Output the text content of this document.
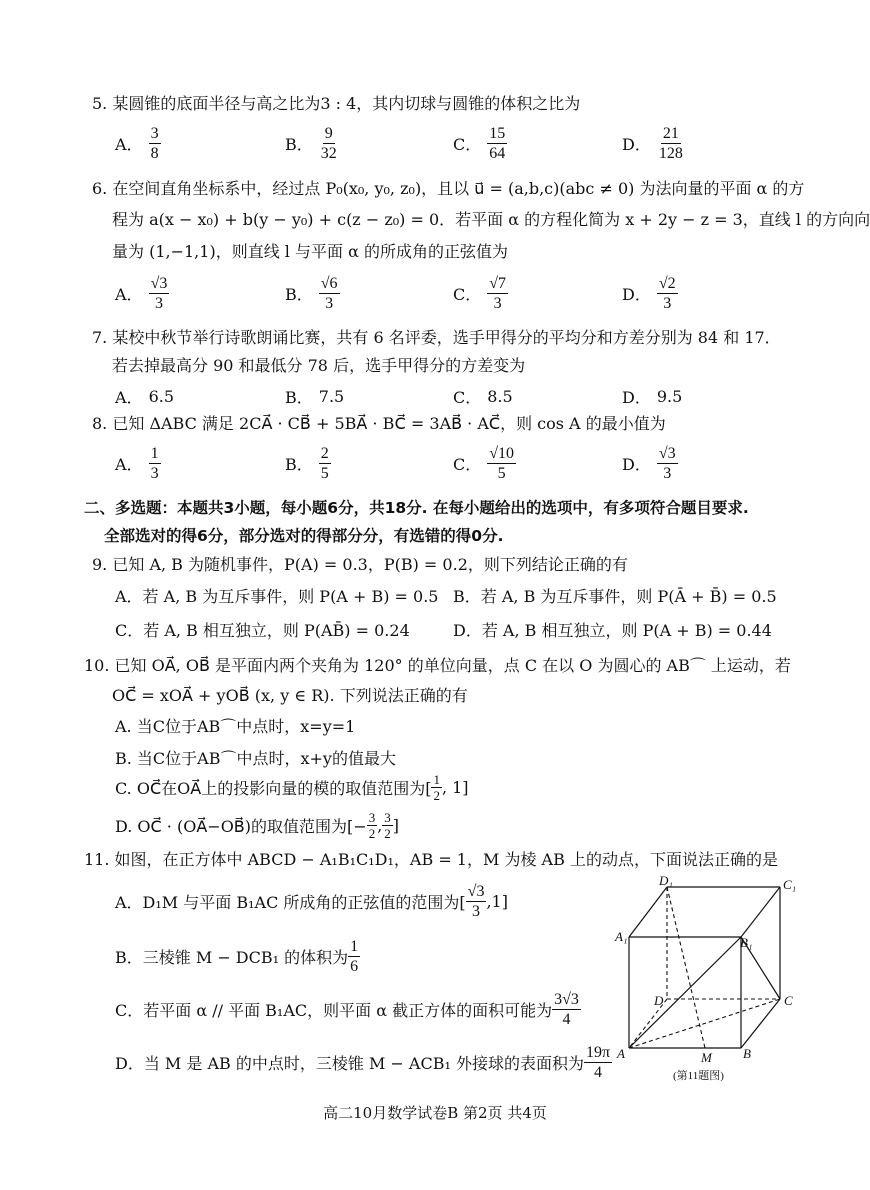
5. 某圆锥的底面半径与高之比为3 : 4，其内切球与圆锥的体积之比为
A． $\frac{3}{8}$	B． $\frac{9}{32}$	C． $\frac{15}{64}$	D． $\frac{21}{128}$
6. 在空间直角坐标系中，经过点 P₀(x₀, y₀, z₀)，且以 u⃗ = (a,b,c)(abc ≠ 0) 为法向量的平面 α 的方
程为 a(x − x₀) + b(y − y₀) + c(z − z₀) = 0．若平面 α 的方程化简为 x + 2y − z = 3，直线 l 的方向向
量为 (1,−1,1)，则直线 l 与平面 α 的所成角的正弦值为
A． $\frac{√3}{3}$	B． $\frac{√6}{3}$	C． $\frac{√7}{3}$	D． $\frac{√2}{3}$
7. 某校中秋节举行诗歌朗诵比赛，共有 6 名评委，选手甲得分的平均分和方差分别为 84 和 17．
若去掉最高分 90 和最低分 78 后，选手甲得分的方差变为
A． 6.5	B． 7.5	C． 8.5	D． 9.5
8. 已知 ΔABC 满足 2CA⃗ · CB⃗ + 5BA⃗ · BC⃗ = 3AB⃗ · AC⃗，则 cos A 的最小值为
A． $\frac{1}{3}$	B． $\frac{2}{5}$	C． $\frac{√10}{5}$	D． $\frac{√3}{3}$
二、多选题：本题共3小题，每小题6分，共18分. 在每小题给出的选项中，有多项符合题目要求.
全部选对的得6分，部分选对的得部分分，有选错的得0分.
9. 已知 A, B 为随机事件，P(A) = 0.3，P(B) = 0.2，则下列结论正确的有
A．若 A, B 为互斥事件，则 P(A + B) = 0.5 B．若 A, B 为互斥事件，则 P(Ā + B̄) = 0.5
C．若 A, B 相互独立，则 P(AB̄) = 0.24	D．若 A, B 相互独立，则 P(A + B) = 0.44
10. 已知 OA⃗, OB⃗ 是平面内两个夹角为 120° 的单位向量，点 C 在以 O 为圆心的 AB⌒ 上运动，若
OC⃗ = xOA⃗ + yOB⃗ (x, y ∈ R). 下列说法正确的有
A. 当C位于AB⌒中点时，x=y=1
B. 当C位于AB⌒中点时，x+y的值最大
C. OC⃗在OA⃗上的投影向量的模的取值范围为[ $\frac{1}{2}$ , 1]
D. OC⃗ · (OA⃗−OB⃗)的取值范围为[− $\frac{3}{2}$ , $\frac{3}{2}$ ]
11. 如图，在正方体中 ABCD − A₁B₁C₁D₁，AB = 1，M 为棱 AB 上的动点，下面说法正确的是
A．D₁M 与平面 B₁AC 所成角的正弦值的范围为[ $\frac{√3}{3} ,1$]
B．三棱锥 M − DCB₁ 的体积为 $\frac{1}{6}$
C．若平面 α // 平面 B₁AC，则平面 α 截正方体的面积可能为 $\frac{3√3}{4}$
D．当 M 是 AB 的中点时，三棱锥 M − ACB₁ 外接球的表面积为 $\frac{19\pi}{4}$
D₁	C₁
A₁	B₁
D	C
A	M B
(第11题图)
高二10月数学试卷B 第2页 共4页
